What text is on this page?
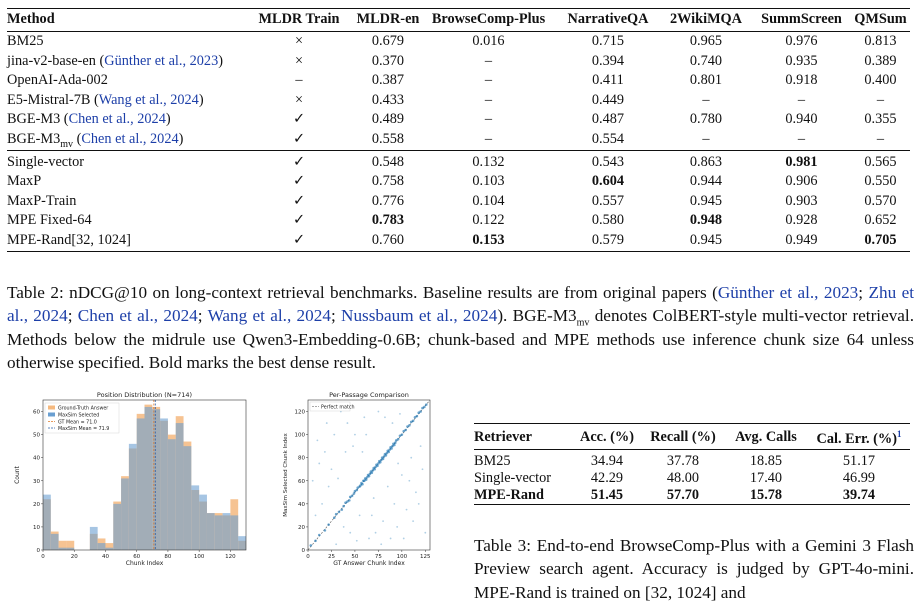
Method	MLDR Train	MLDR-en	BrowseComp-Plus	NarrativeQA	2WikiMQA	SummScreen	QMSum
BM25	×	0.679	0.016	0.715	0.965	0.976	0.813
jina-v2-base-en (Günther et al., 2023)	×	0.370	–	0.394	0.740	0.935	0.389
OpenAI-Ada-002	–	0.387	–	0.411	0.801	0.918	0.400
E5-Mistral-7B (Wang et al., 2024)	×	0.433	–	0.449	–	–	–
BGE-M3 (Chen et al., 2024)	✓	0.489	–	0.487	0.780	0.940	0.355
BGE-$M3_{mv}$ (Chen et al., 2024)	✓	0.558	–	0.554	–	–	–
Single-vector	✓	0.548	0.132	0.543	0.863	0.981	0.565
MaxP	✓	0.758	0.103	0.604	0.944	0.906	0.550
MaxP-Train	✓	0.776	0.104	0.557	0.945	0.903	0.570
MPE Fixed-64	✓	0.783	0.122	0.580	0.948	0.928	0.652
MPE-Rand[32, 1024]	✓	0.760	0.153	0.579	0.945	0.949	0.705

Table 2: nDCG@10 on long-context retrieval benchmarks. Baseline results are from original papers (Günther et al., 2023; Zhu et al., 2024; Chen et al., 2024; Wang et al., 2024; Nussbaum et al., 2024). BGE-$M3_{mv}$ denotes ColBERT-style multi-vector retrieval. Methods below the midrule use Qwen3-Embedding-0.6B; chunk-based and MPE methods use inference chunk size 64 unless otherwise specified. Bold marks the best dense result.

Position Distribution (N=714)
0	20	40	60	80	100	120
0
10
20
30
40
50
60
Chunk Index
Count
Ground-Truth Answer
MaxSim Selected
GT Mean = 71.0
MaxSim Mean = 71.9
Per-Passage Comparison
0	25	50	75	100 125
0
20
40
60
80
100
120
GT Answer Chunk Index
MaxSim Selected Chunk Index
Perfect match
Retriever	Acc. (%)	Recall (%)	Avg. Calls	Cal. Err. (%)$^1$
BM25	34.94	37.78	18.85	51.17
Single-vector	42.29	48.00	17.40	46.99
MPE-Rand	51.45	57.70	15.78	39.74

Table 3: End-to-end BrowseComp-Plus with a Gemini 3 Flash Preview search agent. Accuracy is judged by GPT-4o-mini. MPE-Rand is trained on [32, 1024] and
